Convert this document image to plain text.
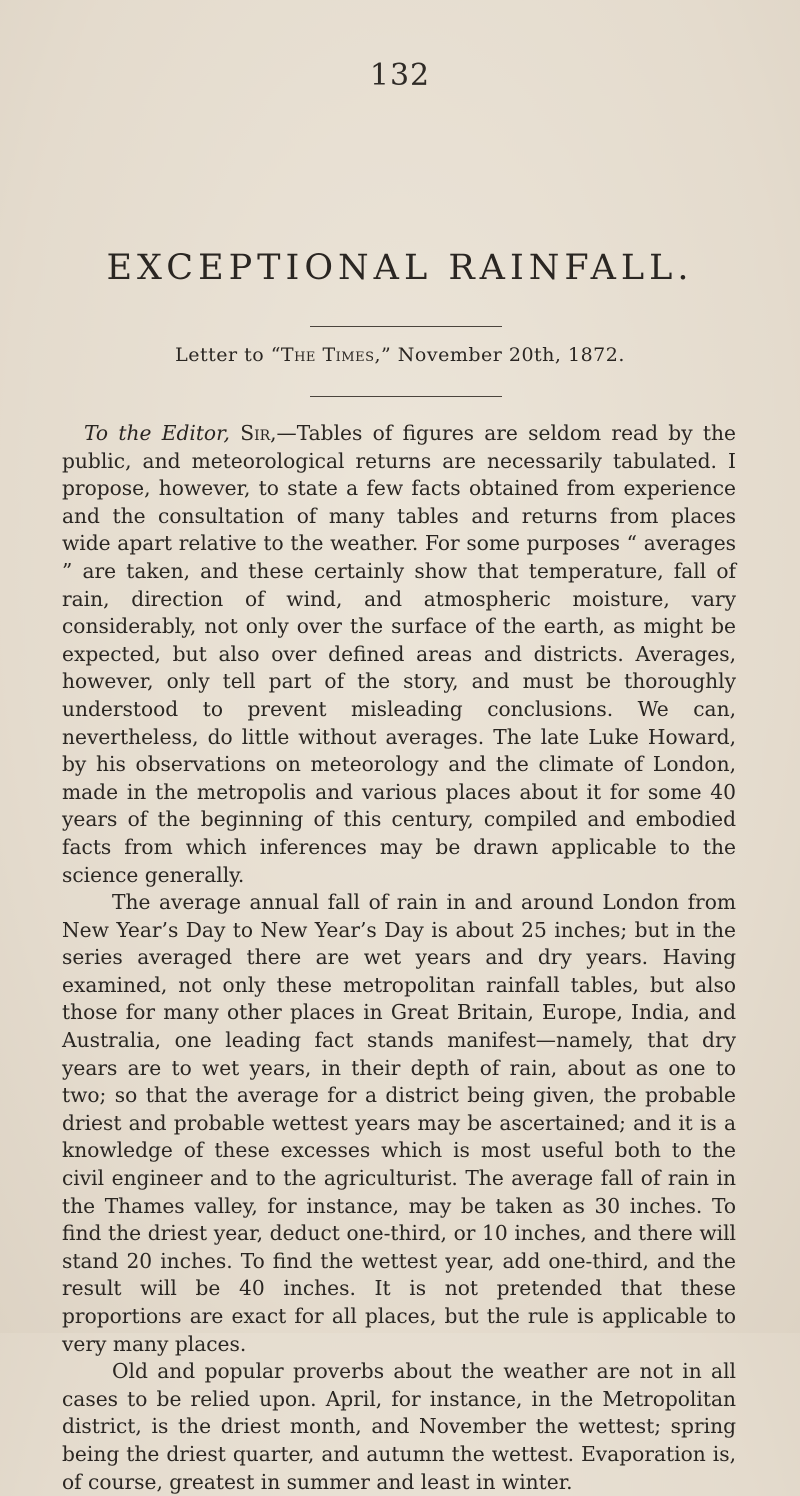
132
EXCEPTIONAL RAINFALL.
Letter to “The Times,” November 20th, 1872.

To the Editor, Sir,—Tables of figures are seldom read by the public, and meteorological returns are necessarily tabulated. I propose, however, to state a few facts obtained from experience and the consultation of many tables and returns from places wide apart relative to the weather. For some purposes “ averages ” are taken, and these certainly show that temperature, fall of rain, direction of wind, and atmospheric moisture, vary considerably, not only over the surface of the earth, as might be expected, but also over defined areas and districts. Averages, however, only tell part of the story, and must be thoroughly understood to prevent misleading conclusions. We can, nevertheless, do little without averages. The late Luke Howard, by his observations on meteorology and the climate of London, made in the metropolis and various places about it for some 40 years of the beginning of this century, compiled and embodied facts from which inferences may be drawn applicable to the science generally.

The average annual fall of rain in and around London from New Year’s Day to New Year’s Day is about 25 inches; but in the series averaged there are wet years and dry years. Having examined, not only these metropolitan rainfall tables, but also those for many other places in Great Britain, Europe, India, and Australia, one leading fact stands manifest—namely, that dry years are to wet years, in their depth of rain, about as one to two; so that the average for a district being given, the probable driest and probable wettest years may be ascertained; and it is a knowledge of these excesses which is most useful both to the civil engineer and to the agriculturist. The average fall of rain in the Thames valley, for instance, may be taken as 30 inches. To find the driest year, deduct one-third, or 10 inches, and there will stand 20 inches. To find the wettest year, add one-third, and the result will be 40 inches. It is not pretended that these proportions are exact for all places, but the rule is applicable to very many places.

Old and popular proverbs about the weather are not in all cases to be relied upon. April, for instance, in the Metropolitan district, is the driest month, and November the wettest; spring being the driest quarter, and autumn the wettest. Evaporation is, of course, greatest in summer and least in winter.
